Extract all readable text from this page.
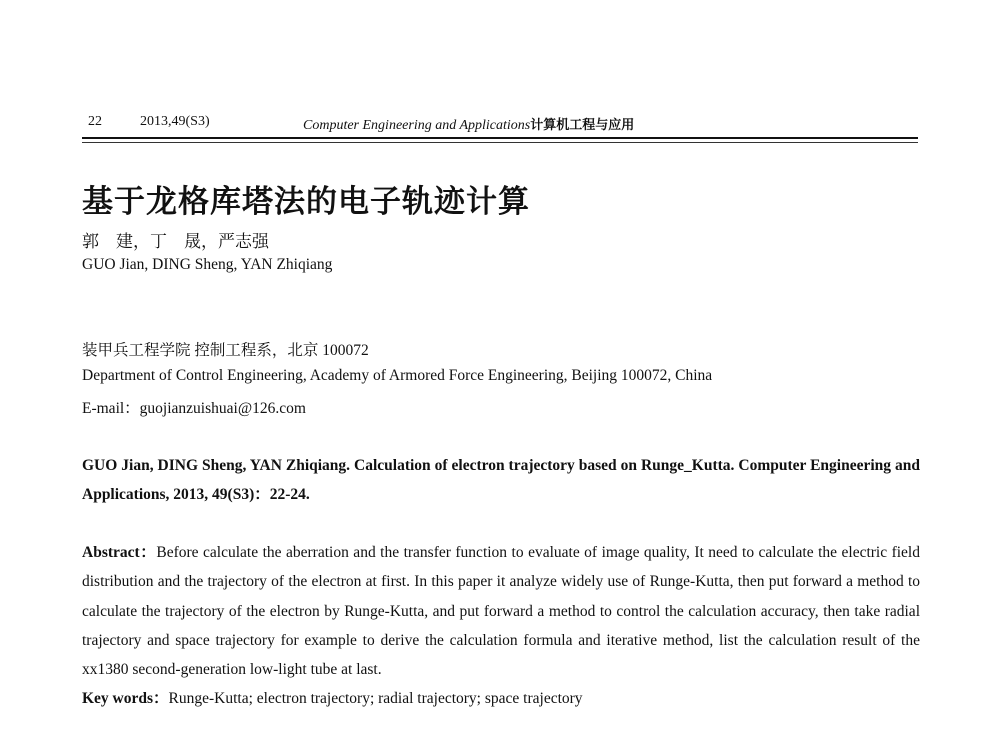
22	2013,49(S3)	Computer Engineering and Applications计算机工程与应用
基于龙格库塔法的电子轨迹计算
郭　建，丁　晟，严志强
GUO Jian, DING Sheng, YAN Zhiqiang
装甲兵工程学院 控制工程系，北京 100072
Department of Control Engineering, Academy of Armored Force Engineering, Beijing 100072, China
E-mail：guojianzuishuai@126.com
GUO Jian, DING Sheng, YAN Zhiqiang. Calculation of electron trajectory based on Runge_Kutta. Computer Engineering and Applications, 2013, 49(S3)：22-24.
Abstract：Before calculate the aberration and the transfer function to evaluate of image quality, It need to calculate the electric field distribution and the trajectory of the electron at first. In this paper it analyze widely use of Runge-Kutta, then put forward a method to calculate the trajectory of the electron by Runge-Kutta, and put forward a method to control the calculation accuracy, then take radial trajectory and space trajectory for example to derive the calculation formula and iterative method, list the calculation result of the xx1380 second-generation low-light tube at last.
Key words：Runge-Kutta; electron trajectory; radial trajectory; space trajectory
